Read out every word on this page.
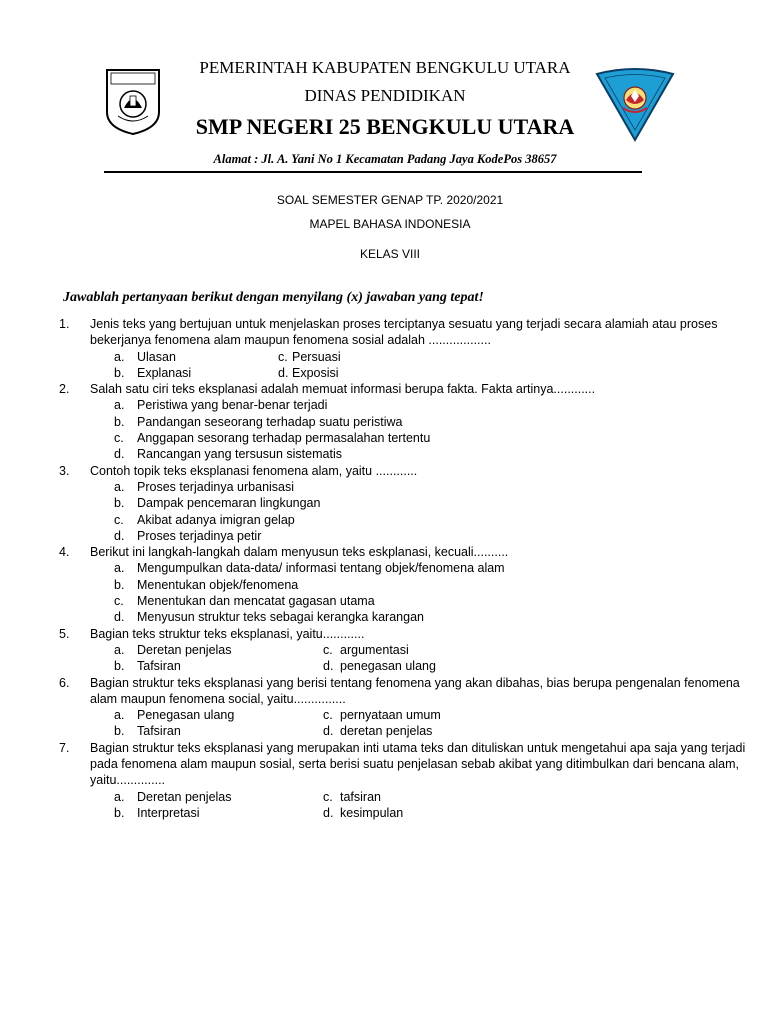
PEMERINTAH KABUPATEN BENGKULU UTARA
DINAS PENDIDIKAN
SMP NEGERI 25 BENGKULU UTARA
Alamat : Jl. A. Yani No 1 Kecamatan Padang Jaya KodePos 38657
SOAL SEMESTER GENAP TP. 2020/2021
MAPEL BAHASA INDONESIA
KELAS VIII
Jawablah pertanyaan berikut dengan menyilang (x) jawaban yang tepat!
1. Jenis teks yang bertujuan untuk menjelaskan proses terciptanya sesuatu yang terjadi secara alamiah atau proses bekerjanya fenomena alam maupun fenomena sosial adalah ..................
a. Ulasan	c. Persuasi
b. Explanasi	d. Exposisi
2. Salah satu ciri teks eksplanasi adalah memuat informasi berupa fakta. Fakta artinya............
a. Peristiwa yang benar-benar terjadi
b. Pandangan seseorang terhadap suatu peristiwa
c. Anggapan sesorang terhadap permasalahan tertentu
d. Rancangan yang tersusun sistematis
3. Contoh topik teks eksplanasi fenomena alam, yaitu ............
a. Proses terjadinya urbanisasi
b. Dampak pencemaran lingkungan
c. Akibat adanya imigran gelap
d. Proses terjadinya petir
4. Berikut ini langkah-langkah dalam menyusun teks eskplanasi, kecuali..........
a. Mengumpulkan data-data/ informasi tentang objek/fenomena alam
b. Menentukan objek/fenomena
c. Menentukan dan mencatat gagasan utama
d. Menyusun struktur teks sebagai kerangka karangan
5. Bagian teks struktur teks eksplanasi, yaitu............
a. Deretan penjelas	c. argumentasi
b. Tafsiran	d. penegasan ulang
6. Bagian struktur teks eksplanasi yang berisi tentang fenomena yang akan dibahas, bias berupa pengenalan fenomena alam maupun fenomena social, yaitu...............
a. Penegasan ulang	c. pernyataan umum
b. Tafsiran	d. deretan penjelas
7. Bagian struktur teks eksplanasi yang merupakan inti utama teks dan dituliskan untuk mengetahui apa saja yang terjadi pada fenomena alam maupun sosial, serta berisi suatu penjelasan sebab akibat yang ditimbulkan dari bencana alam, yaitu..............
a. Deretan penjelas	c. tafsiran
b. Interpretasi	d. kesimpulan
